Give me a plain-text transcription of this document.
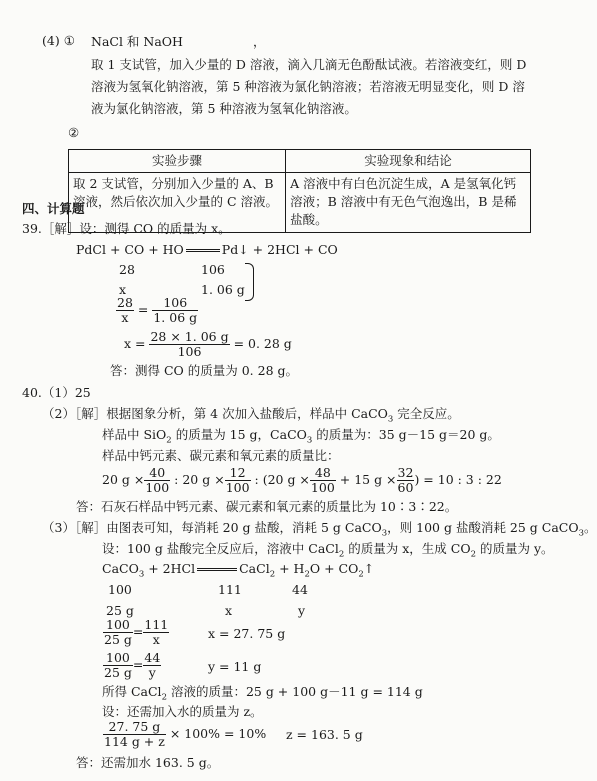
(4) ① NaCl 和 NaOH	，
取 1 支试管，加入少量的 D 溶液，滴入几滴无色酚酞试液。若溶液变红，则 D
溶液为氢氧化钠溶液，第 5 种溶液为氯化钠溶液；若溶液无明显变化，则 D 溶
液为氯化钠溶液，第 5 种溶液为氢氧化钠溶液。
②
实验步骤	实验现象和结论
取 2 支试管，分别加入少量的 A、B 溶液，然后依次加入少量的 C 溶液。	A 溶液中有白色沉淀生成，A 是氢氧化钙溶液；B 溶液中有无色气泡逸出，B 是稀盐酸。
四、计算题
39.［解］设：测得 CO 的质量为 x。
PdCl + CO + HO	Pd↓ + 2HCl + CO
28	106
x	1. 06 g
$\frac{28}{x} = \frac{106}{1. 06 g}$
$x = \frac{28 \times 1. 06 g}{106} = 0$. 28 g
答：测得 CO 的质量为 0. 28 g。
40.（1）25
（2）［解］根据图象分析，第 4 次加入盐酸后，样品中 CaCO$_3$ 完全反应。
样品中 SiO$_2$ 的质量为 15 g，CaCO$_3$ 的质量为：35 g－15 g＝20 g。
样品中钙元素、碳元素和氧元素的质量比：
20 $g \times \frac{40}{100}$ : 20 $g \times \frac{12}{100}$ : (20 $g \times \frac{48}{100} + 15$ $g \times \frac{32}{60}$ ) = 10 : 3 : 22
答：石灰石样品中钙元素、碳元素和氧元素的质量比为 10∶3∶22。
（3）［解］由图表可知，每消耗 20 g 盐酸，消耗 5 g CaCO$_3$，则 100 g 盐酸消耗 25 g CaCO$_3$。
设：100 g 盐酸完全反应后，溶液中 CaCl$_2$ 的质量为 x，生成 $CO_2$ 的质量为 y。
CaCO$_3$ + 2HCl	CaCl$_2$ + $H_2O$ + $CO_2↑$
100	111	44
25 g	x	y
$\frac{100}{25 g} = \frac{111}{x}$	x = 27. 75 g
$\frac{100}{25 g} = \frac{44}{y}$	y = 11 g
所得 CaCl$_2$ 溶液的质量：25 g + 100 g－11 g = 114 g
设：还需加入水的质量为 z。
$\frac{27. 75 g}{114 g + z} \times 100\% = 10\%$ z = 163. 5 g
答：还需加水 163. 5 g。
